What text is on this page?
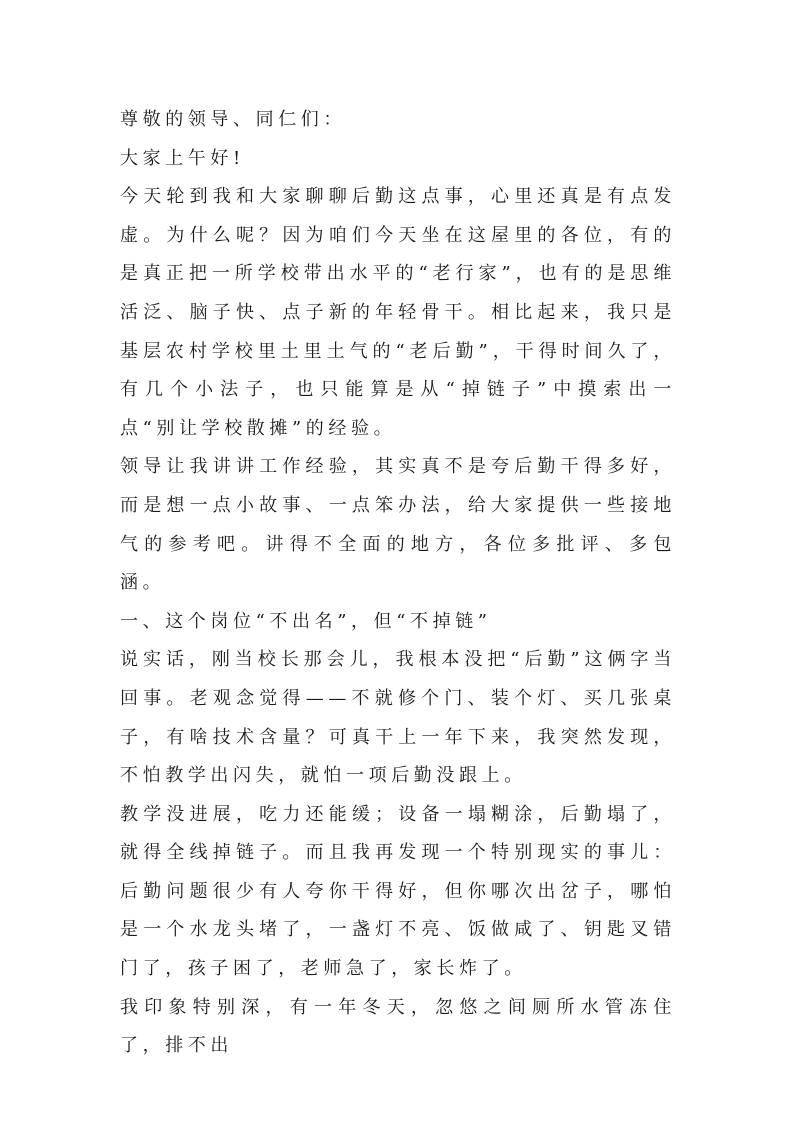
尊敬的领导、同仁们：

大家上午好!

今天轮到我和大家聊聊后勤这点事，心里还真是有点发虚。为什么呢？因为咱们今天坐在这屋里的各位，有的是真正把一所学校带出水平的“老行家”，也有的是思维活泛、脑子快、点子新的年轻骨干。相比起来，我只是基层农村学校里土里土气的“老后勤”，干得时间久了，有几个小法子，也只能算是从“掉链子”中摸索出一点“别让学校散摊”的经验。

领导让我讲讲工作经验，其实真不是夸后勤干得多好，而是想一点小故事、一点笨办法，给大家提供一些接地气的参考吧。讲得不全面的地方，各位多批评、多包涵。

一、这个岗位“不出名”，但“不掉链”

说实话，刚当校长那会儿，我根本没把“后勤”这俩字当回事。老观念觉得——不就修个门、装个灯、买几张桌子，有啥技术含量？可真干上一年下来，我突然发现，不怕教学出闪失，就怕一项后勤没跟上。

教学没进展，吃力还能缓；设备一塌糊涂，后勤塌了，就得全线掉链子。而且我再发现一个特别现实的事儿：后勤问题很少有人夸你干得好，但你哪次出岔子，哪怕是一个水龙头堵了，一盏灯不亮、饭做咸了、钥匙叉错门了，孩子困了，老师急了，家长炸了。

我印象特别深，有一年冬天，忽悠之间厕所水管冻住了，排不出
